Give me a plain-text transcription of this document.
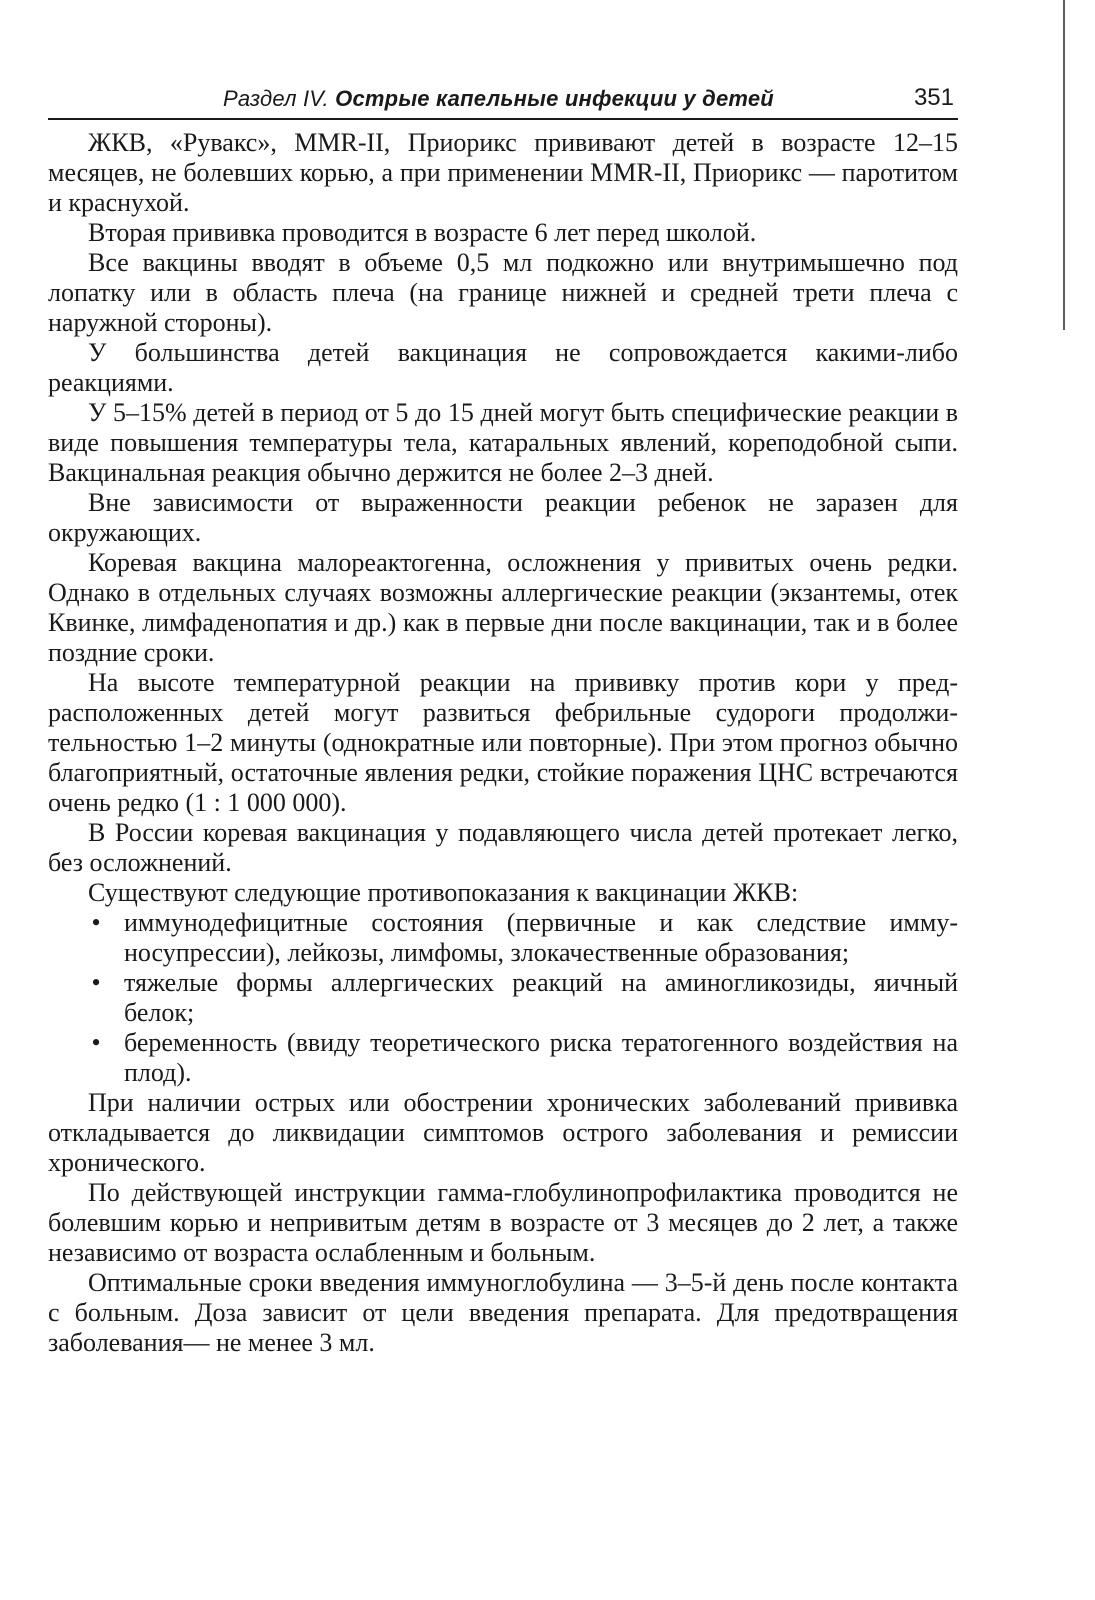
Раздел IV. Острые капельные инфекции у детей	351

ЖКВ, «Рувакс», MMR-II, Приорикс прививают детей в возрасте 12–15 месяцев, не болевших корью, а при применении MMR-II, Приорикс — паротитом и краснухой.

Вторая прививка проводится в возрасте 6 лет перед школой.

Все вакцины вводят в объеме 0,5 мл подкожно или внутримышечно под лопатку или в область плеча (на границе нижней и средней трети плеча с наружной стороны).

У большинства детей вакцинация не сопровождается какими-либо реакциями.

У 5–15% детей в период от 5 до 15 дней могут быть специфические реакции в виде повышения температуры тела, катаральных явлений, кореподобной сыпи. Вакцинальная реакция обычно держится не более 2–3 дней.

Вне зависимости от выраженности реакции ребенок не заразен для окружающих.

Коревая вакцина малореактогенна, осложнения у привитых очень редки. Однако в отдельных случаях возможны аллергические реакции (экзантемы, отек Квинке, лимфаденопатия и др.) как в первые дни после вакцинации, так и в более поздние сроки.

На высоте температурной реакции на прививку против кори у предрасположенных детей могут развиться фебрильные судороги продолжительностью 1–2 минуты (однократные или повторные). При этом прогноз обычно благоприятный, остаточные явления редки, стойкие поражения ЦНС встречаются очень редко (1 : 1 000 000).

В России коревая вакцинация у подавляющего числа детей протекает легко, без осложнений.

Существуют следующие противопоказания к вакцинации ЖКВ:

• иммунодефицитные состояния (первичные и как следствие иммуносупрессии), лейкозы, лимфомы, злокачественные образования;
• тяжелые формы аллергических реакций на аминогликозиды, яичный белок;
• беременность (ввиду теоретического риска тератогенного воздействия на плод).

При наличии острых или обострении хронических заболеваний прививка откладывается до ликвидации симптомов острого заболевания и ремиссии хронического.

По действующей инструкции гамма-глобулинопрофилактика проводится не болевшим корью и непривитым детям в возрасте от 3 месяцев до 2 лет, а также независимо от возраста ослабленным и больным.

Оптимальные сроки введения иммуноглобулина — 3–5-й день после контакта с больным. Доза зависит от цели введения препарата. Для предотвращения заболевания— не менее 3 мл.
